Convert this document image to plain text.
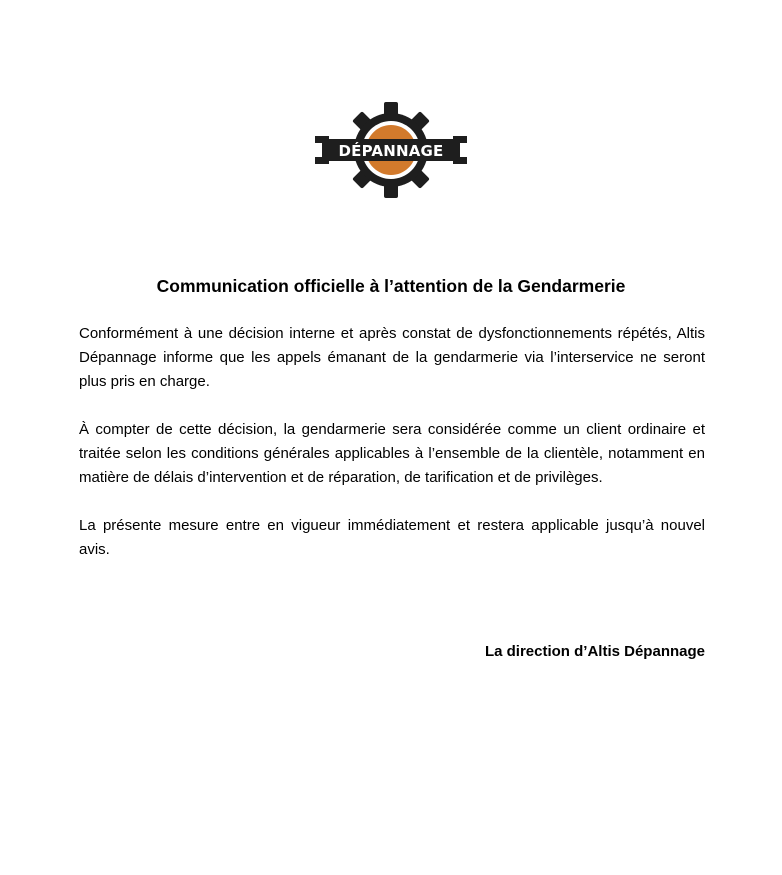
DÉPANNAGE
Communication officielle à l’attention de la Gendarmerie

Conformément à une décision interne et après constat de dysfonctionnements répétés, Altis Dépannage informe que les appels émanant de la gendarmerie via l’interservice ne seront plus pris en charge.

À compter de cette décision, la gendarmerie sera considérée comme un client ordinaire et traitée selon les conditions générales applicables à l’ensemble de la clientèle, notamment en matière de délais d’intervention et de réparation, de tarification et de privilèges.

La présente mesure entre en vigueur immédiatement et restera applicable jusqu’à nouvel avis.

La direction d’Altis Dépannage
